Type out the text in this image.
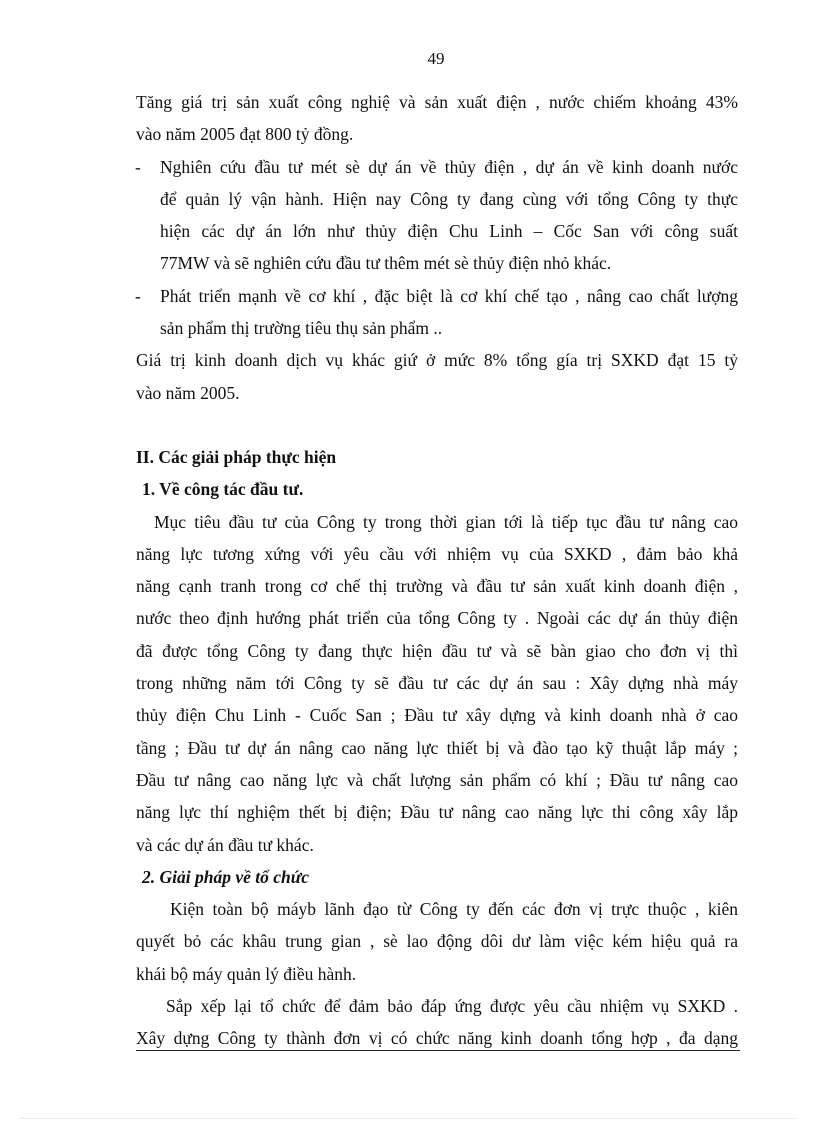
49
Tăng giá trị sản xuất công nghiệ và sản xuất điện , nước chiếm khoảng 43%
vào năm 2005 đạt 800 tỷ đồng.
- Nghiên cứu đầu tư mét sè dự án về thủy điện , dự án về kinh doanh nước
để quản lý vận hành. Hiện nay Công ty đang cùng với tổng Công ty thực
hiện các dự án lớn như thủy điện Chu Linh – Cốc San với công suất
77MW và sẽ nghiên cứu đầu tư thêm mét sè thủy điện nhỏ khác.
- Phát triển mạnh về cơ khí , đặc biệt là cơ khí chế tạo , nâng cao chất lượng
sản phẩm thị trường tiêu thụ sản phẩm ..
Giá trị kinh doanh dịch vụ khác giứ ở mức 8% tổng gía trị SXKD đạt 15 tỷ
vào năm 2005.
II. Các giải pháp thực hiện
1. Về công tác đầu tư.
Mục tiêu đầu tư của Công ty trong thời gian tới là tiếp tục đầu tư nâng cao
năng lực tương xứng với yêu cầu với nhiệm vụ của SXKD , đảm bảo khả
năng cạnh tranh trong cơ chế thị trường và đầu tư sản xuất kinh doanh điện ,
nước theo định hướng phát triển của tổng Công ty . Ngoài các dự án thủy điện
đã được tổng Công ty đang thực hiện đầu tư và sẽ bàn giao cho đơn vị thì
trong những năm tới Công ty sẽ đầu tư các dự án sau : Xây dựng nhà máy
thủy điện Chu Linh - Cuốc San ; Đầu tư xây dựng và kinh doanh nhà ở cao
tầng ; Đầu tư dự án nâng cao năng lực thiết bị và đào tạo kỹ thuật lắp máy ;
Đầu tư nâng cao năng lực và chất lượng sản phẩm có khí ; Đầu tư nâng cao
năng lực thí nghiệm thết bị điện; Đầu tư nâng cao năng lực thi công xây lắp
và các dự án đầu tư khác.
2. Giải pháp về tổ chức
Kiện toàn bộ máyb lãnh đạo từ Công ty đến các đơn vị trực thuộc , kiên
quyết bỏ các khâu trung gian , sè lao động dôi dư làm việc kém hiệu quả ra
khái bộ máy quản lý điều hành.
Sắp xếp lại tổ chức để đảm bảo đáp ứng được yêu cầu nhiệm vụ SXKD .
Xây dựng Công ty thành đơn vị có chức năng kinh doanh tổng hợp , đa dạng
